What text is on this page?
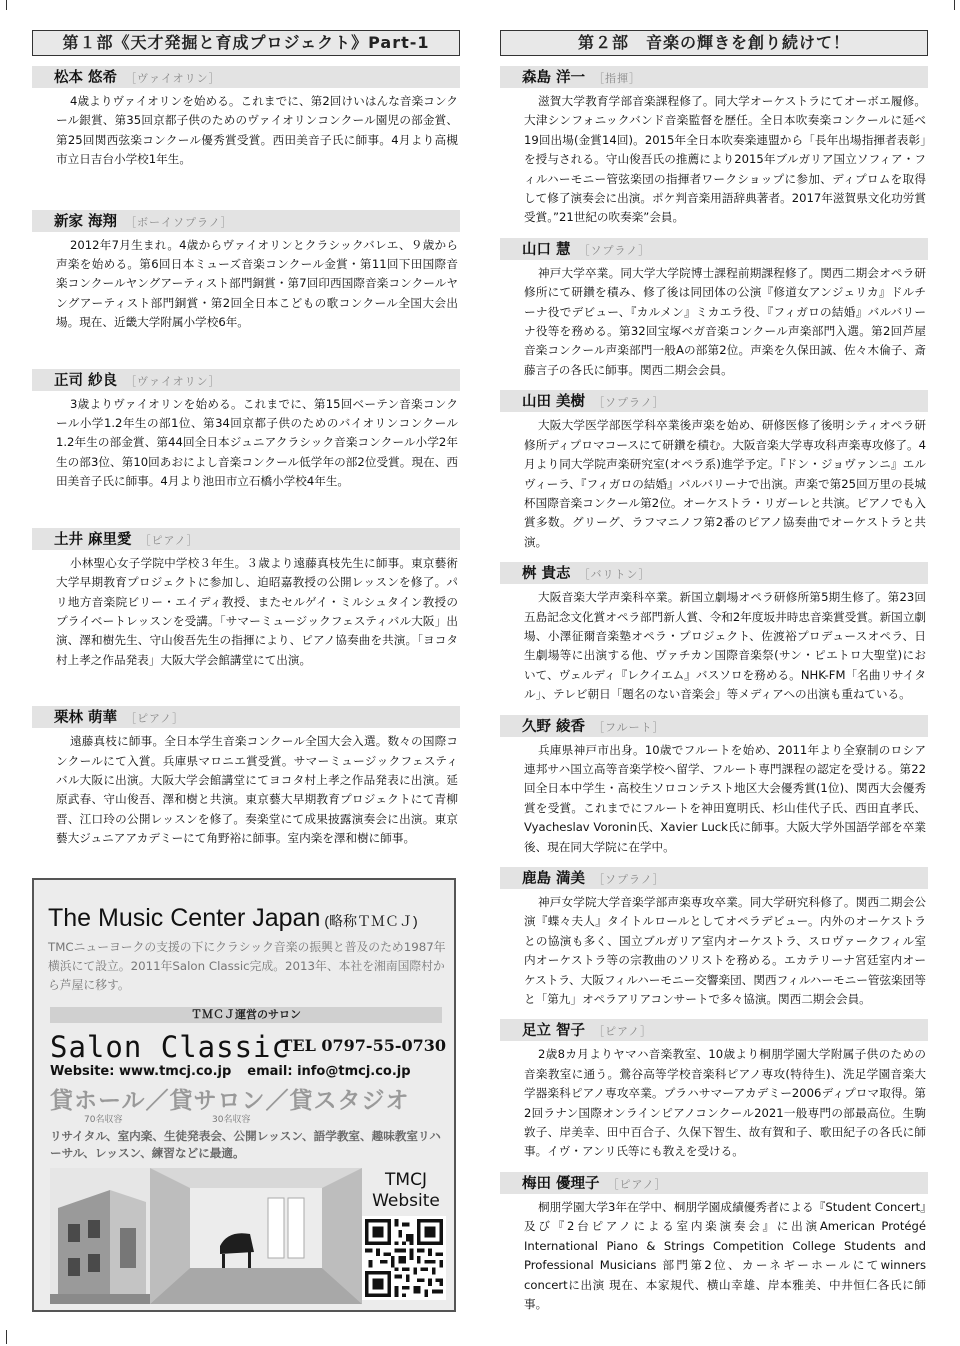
第１部《天才発掘と育成プロジェクト》Part-1
松本 悠希 ［ヴァイオリン］

4歳よりヴァイオリンを始める。これまでに、第2回けいはんな音楽コンクール銀賞、第35回京都子供のためのヴァイオリンコンクール園児の部金賞、第25回関西弦楽コンクール優秀賞受賞。西田美音子氏に師事。4月より高槻市立日吉台小学校1年生。

新家 海翔 ［ボーイソプラノ］

2012年7月生まれ。4歳からヴァイオリンとクラシックバレエ、９歳から声楽を始める。第6回日本ミューズ音楽コンクール金賞・第11回下田国際音楽コンクールヤングアーティスト部門銅賞・第7回印西国際音楽コンクールヤングアーティスト部門銅賞・第2回全日本こどもの歌コンクール全国大会出場。現在、近畿大学附属小学校6年。

正司 紗良 ［ヴァイオリン］

3歳よりヴァイオリンを始める。これまでに、第15回ベーテン音楽コンクール小学1.2年生の部1位、第34回京都子供のためのバイオリンコンクール1.2年生の部金賞、第44回全日本ジュニアクラシック音楽コンクール小学2年生の部3位、第10回あおによし音楽コンクール低学年の部2位受賞。現在、西田美音子氏に師事。4月より池田市立石橋小学校4年生。

土井 麻里愛 ［ピアノ］

小林聖心女子学院中学校３年生。３歳より遠藤真枝先生に師事。東京藝術大学早期教育プロジェクトに参加し、迫昭嘉教授の公開レッスンを修了。パリ地方音楽院ビリー・エイディ教授、またセルゲイ・ミルシュタイン教授のプライベートレッスンを受講。「サマーミュージックフェスティバル大阪」出演、澤和樹先生、守山俊吾先生の指揮により、ピアノ協奏曲を共演。「ヨコタ村上孝之作品発表」大阪大学会館講堂にて出演。

栗林 萌華 ［ピアノ］

遠藤真枝に師事。全日本学生音楽コンクール全国大会入選。数々の国際コンクールにて入賞。兵庫県マロニエ賞受賞。サマーミュージックフェスティバル大阪に出演。大阪大学会館講堂にてヨコタ村上孝之作品発表に出演。延原武春、守山俊吾、澤和樹と共演。東京藝大早期教育プロジェクトにて青柳晋、江口玲の公開レッスンを修了。奏楽堂にて成果披露演奏会に出演。東京藝大ジュニアアカデミーにて角野裕に師事。室内楽を澤和樹に師事。

第２部　音楽の輝きを創り続けて！
森島 洋一 ［指揮］

滋賀大学教育学部音楽課程修了。同大学オーケストラにてオーボエ履修。大津シンフォニックバンド音楽監督を歴任。全日本吹奏楽コンクールに延べ19回出場(金賞14回)。2015年全日本吹奏楽連盟から「長年出場指揮者表彰」を授与される。守山俊吾氏の推薦により2015年ブルガリア国立ソフィア・フィルハーモニー管弦楽団の指揮者ワークショップに参加、ディプロムを取得して修了演奏会に出演。ポケ判音楽用語辞典著者。2017年滋賀県文化功労賞受賞。”21世紀の吹奏楽”会員。

山口 慧 ［ソプラノ］

神戸大学卒業。同大学大学院博士課程前期課程修了。関西二期会オペラ研修所にて研鑽を積み、修了後は同団体の公演『修道女アンジェリカ』ドルチーナ役でデビュー、『カルメン』ミカエラ役、『フィガロの結婚』バルバリーナ役等を務める。第32回宝塚ベガ音楽コンクール声楽部門入選。第2回芦屋音楽コンクール声楽部門一般Aの部第2位。声楽を久保田誠、佐々木倫子、斎藤言子の各氏に師事。関西二期会会員。

山田 美樹 ［ソプラノ］

大阪大学医学部医学科卒業後声楽を始め、研修医修了後明シティオペラ研修所ディプロマコースにて研鑽を積む。大阪音楽大学専攻科声楽専攻修了。4月より同大学院声楽研究室(オペラ系)進学予定。『ドン・ジョヴァンニ』エルヴィーラ、『フィガロの結婚』バルバリーナで出演。声楽で第25回万里の長城杯国際音楽コンクール第2位。オーケストラ・リガーレと共演。ピアノでも入賞多数。グリーグ、ラフマニノフ第2番のピアノ協奏曲でオーケストラと共演。

桝 貴志 ［バリトン］

大阪音楽大学声楽科卒業。新国立劇場オペラ研修所第5期生修了。第23回五島記念文化賞オペラ部門新人賞、令和2年度坂井時忠音楽賞受賞。新国立劇場、小澤征爾音楽塾オペラ・プロジェクト、佐渡裕プロデュースオペラ、日生劇場等に出演する他、ヴァチカン国際音楽祭(サン・ピエトロ大聖堂)において、ヴェルディ『レクイエム』バスソロを務める。NHK-FM「名曲リサイタル」、テレビ朝日「題名のない音楽会」等メディアへの出演も重ねている。

久野 綾香 ［フルート］

兵庫県神戸市出身。10歳でフルートを始め、2011年より全寮制のロシア連邦サハ国立高等音楽学校へ留学、フルート専門課程の認定を受ける。第22回全日本中学生・高校生ソロコンテスト地区大会優秀賞(1位)、関西大会優秀賞を受賞。これまでにフルートを神田寛明氏、杉山佳代子氏、西田直孝氏、Vyacheslav Voronin氏、Xavier Luck氏に師事。大阪大学外国語学部を卒業後、現在同大学院に在学中。

鹿島 満美 ［ソプラノ］

神戸女学院大学音楽学部声楽専攻卒業。同大学研究科修了。関西二期会公演『蝶々夫人』タイトルロールとしてオペラデビュー。内外のオーケストラとの協演も多く、国立ブルガリア室内オーケストラ、スロヴァークフィル室内オーケストラ等の宗教曲のソリストを務める。エカテリーナ宮廷室内オーケストラ、大阪フィルハーモニー交響楽団、関西フィルハーモニー管弦楽団等と「第九」オペラアリアコンサートで多々協演。関西二期会会員。

足立 智子 ［ピアノ］

2歳8カ月よりヤマハ音楽教室、10歳より桐朋学園大学附属子供のための音楽教室に通う。鶯谷高等学校音楽科ピアノ専攻(特待生)、洗足学園音楽大学器楽科ピアノ専攻卒業。プラハサマーアカデミー2006ディプロマ取得。第2回ラナン国際オンラインピアノコンクール2021一般専門の部最高位。生駒敦子、岸美幸、田中百合子、久保下智生、故有賀和子、歌田紀子の各氏に師事。イヴ・アンリ氏等にも教えを受ける。

梅田 優理子 ［ピアノ］

桐朋学園大学3年在学中、桐朋学園成績優秀者による『Student Concert』及び『2台ピアノによる室内楽演奏会』に出演American Protégé International Piano & Strings Competition College Students and Professional Musicians 部門第2位、カーネギーホールにてwinners concertに出演 現在、本家規代、横山幸雄、岸本雅美、中井恒仁各氏に師事。

The Music Center Japan (略称ＴＭＣＪ)
TMCニューヨークの支援の下にクラシック音楽の振興と普及のため1987年横浜にて設立。2011年Salon Classic完成。2013年、本社を湘南国際村から芦屋に移す。
ＴＭＣＪ運営のサロン
Salon Classic
TEL 0797-55-0730
Website: www.tmcj.co.jp email: info@tmcj.co.jp
貸ホール／貸サロン／貸スタジオ
70名収容	30名収容
リサイタル、室内楽、生徒発表会、公開レッスン、語学教室、趣味教室リハーサル、レッスン、練習などに最適。
TMCJ
Website
